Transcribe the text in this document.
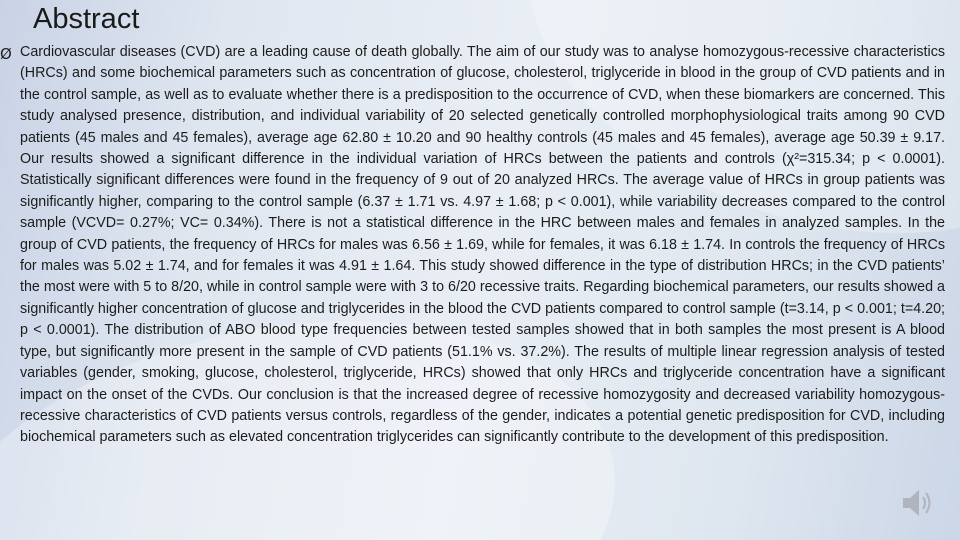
Abstract
Ø Cardiovascular diseases (CVD) are a leading cause of death globally. The aim of our study was to analyse homozygous-recessive characteristics (HRCs) and some biochemical parameters such as concentration of glucose, cholesterol, triglyceride in blood in the group of CVD patients and in the control sample, as well as to evaluate whether there is a predisposition to the occurrence of CVD, when these biomarkers are concerned. This study analysed presence, distribution, and individual variability of 20 selected genetically controlled morphophysiological traits among 90 CVD patients (45 males and 45 females), average age 62.80 ± 10.20 and 90 healthy controls (45 males and 45 females), average age 50.39 ± 9.17. Our results showed a significant difference in the individual variation of HRCs between the patients and controls (χ²=315.34; p < 0.0001). Statistically significant differences were found in the frequency of 9 out of 20 analyzed HRCs. The average value of HRCs in group patients was significantly higher, comparing to the control sample (6.37 ± 1.71 vs. 4.97 ± 1.68; p < 0.001), while variability decreases compared to the control sample (VCVD= 0.27%; VC= 0.34%). There is not a statistical difference in the HRC between males and females in analyzed samples. In the group of CVD patients, the frequency of HRCs for males was 6.56 ± 1.69, while for females, it was 6.18 ± 1.74. In controls the frequency of HRCs for males was 5.02 ± 1.74, and for females it was 4.91 ± 1.64. This study showed difference in the type of distribution HRCs; in the CVD patients’ the most were with 5 to 8/20, while in control sample were with 3 to 6/20 recessive traits. Regarding biochemical parameters, our results showed a significantly higher concentration of glucose and triglycerides in the blood the CVD patients compared to control sample (t=3.14, p < 0.001; t=4.20; p < 0.0001). The distribution of ABO blood type frequencies between tested samples showed that in both samples the most present is A blood type, but significantly more present in the sample of CVD patients (51.1% vs. 37.2%). The results of multiple linear regression analysis of tested variables (gender, smoking, glucose, cholesterol, triglyceride, HRCs) showed that only HRCs and triglyceride concentration have a significant impact on the onset of the CVDs. Our conclusion is that the increased degree of recessive homozygosity and decreased variability homozygous-recessive characteristics of CVD patients versus controls, regardless of the gender, indicates a potential genetic predisposition for CVD, including biochemical parameters such as elevated concentration triglycerides can significantly contribute to the development of this predisposition.
